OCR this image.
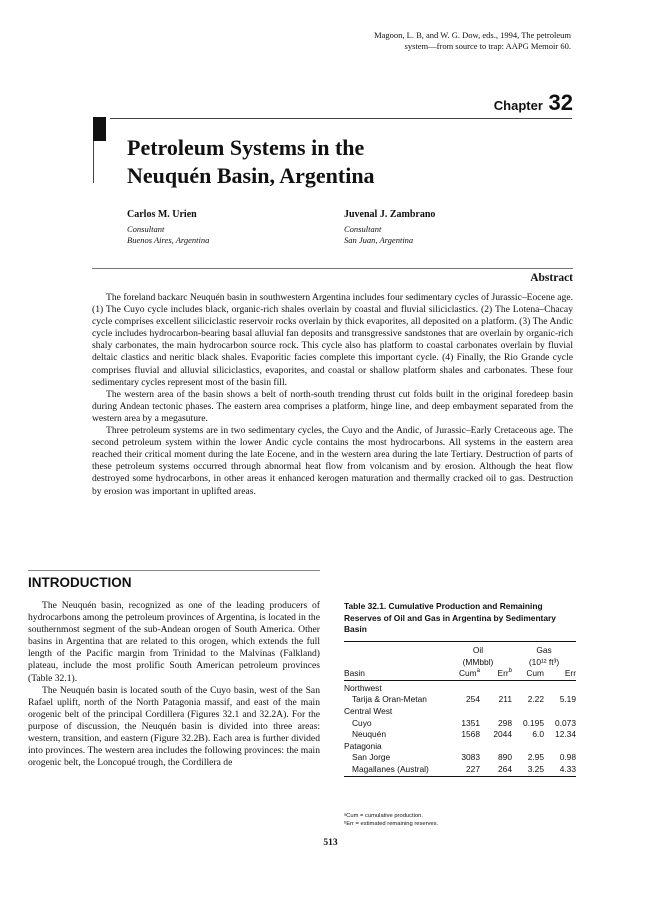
Magoon, L. B, and W. G. Dow, eds., 1994, The petroleum
system—from source to trap: AAPG Memoir 60.
Chapter 32
Petroleum Systems in the
Neuquén Basin, Argentina
Carlos M. Urien
Consultant
Buenos Aires, Argentina
Juvenal J. Zambrano
Consultant
San Juan, Argentina
Abstract

The foreland backarc Neuquén basin in southwestern Argentina includes four sedimentary cycles of Jurassic–Eocene age. (1) The Cuyo cycle includes black, organic-rich shales overlain by coastal and fluvial siliciclastics. (2) The Lotena–Chacay cycle comprises excellent siliciclastic reservoir rocks overlain by thick evaporites, all deposited on a platform. (3) The Andic cycle includes hydrocarbon-bearing basal alluvial fan deposits and transgressive sandstones that are overlain by organic-rich shaly carbonates, the main hydrocarbon source rock. This cycle also has platform to coastal carbonates overlain by fluvial deltaic clastics and neritic black shales. Evaporitic facies complete this important cycle. (4) Finally, the Rio Grande cycle comprises fluvial and alluvial siliciclastics, evaporites, and coastal or shallow platform shales and carbonates. These four sedimentary cycles represent most of the basin fill.

The western area of the basin shows a belt of north-south trending thrust cut folds built in the original foredeep basin during Andean tectonic phases. The eastern area comprises a platform, hinge line, and deep embayment separated from the western area by a megasuture.

Three petroleum systems are in two sedimentary cycles, the Cuyo and the Andic, of Jurassic–Early Cretaceous age. The second petroleum system within the lower Andic cycle contains the most hydrocarbons. All systems in the eastern area reached their critical moment during the late Eocene, and in the western area during the late Tertiary. Destruction of parts of these petroleum systems occurred through abnormal heat flow from volcanism and by erosion. Although the heat flow destroyed some hydrocarbons, in other areas it enhanced kerogen maturation and thermally cracked oil to gas. Destruction by erosion was important in uplifted areas.

INTRODUCTION

The Neuquén basin, recognized as one of the leading producers of hydrocarbons among the petroleum provinces of Argentina, is located in the southernmost segment of the sub-Andean orogen of South America. Other basins in Argentina that are related to this orogen, which extends the full length of the Pacific margin from Trinidad to the Malvinas (Falkland) plateau, include the most prolific South American petroleum provinces (Table 32.1).

The Neuquén basin is located south of the Cuyo basin, west of the San Rafael uplift, north of the North Patagonia massif, and east of the main orogenic belt of the principal Cordillera (Figures 32.1 and 32.2A). For the purpose of discussion, the Neuquén basin is divided into three areas: western, transition, and eastern (Figure 32.2B). Each area is further divided into provinces. The western area includes the following provinces: the main orogenic belt, the Loncopué trough, the Cordillera de

Table 32.1. Cumulative Production and Remaining Reserves of Oil and Gas in Argentina by Sedimentary Basin
	Oil		Gas	
	(MMbbl)		(10¹² ft³)	
Basin	Cum$^a$	Err$^b$	Cum	Err
Northwest				
Tarija & Oran-Metan	254	211	2.22	5.19
Central West				
Cuyo	1351	298	0.195	0.073
Neuquén	1568	2044	6.0	12.34
Patagonia				
San Jorge	3083	890	2.95	0.98
Magallanes (Austral)	227	264	3.25	4.33
ᵃCum = cumulative production.
ᵇErr = estimated remaining reserves.
513
